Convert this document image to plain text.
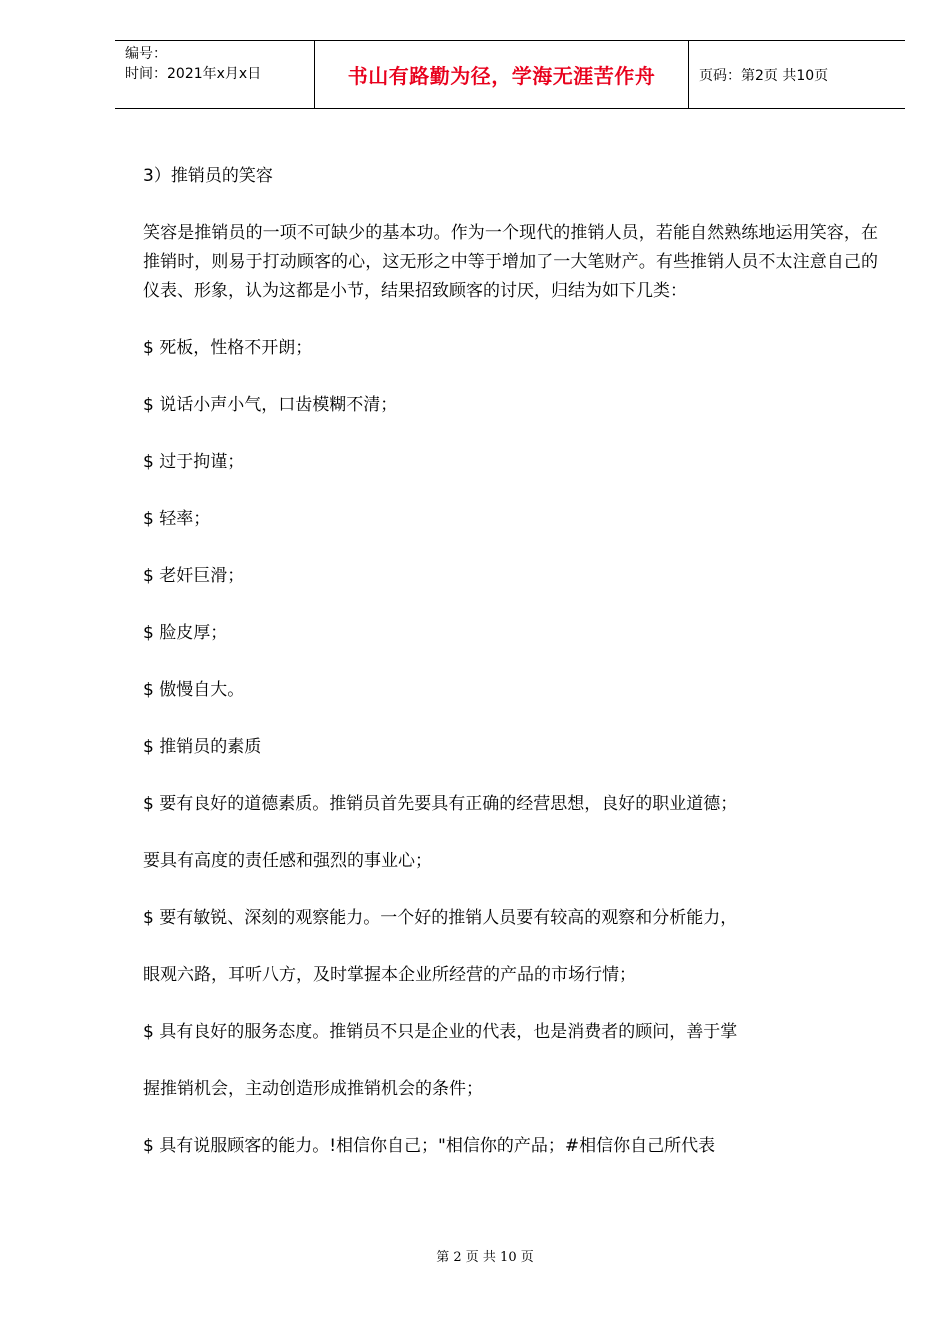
编号：
时间：2021年x月x日	书山有路勤为径，学海无涯苦作舟	页码：第2页 共10页

3）推销员的笑容

笑容是推销员的一项不可缺少的基本功。作为一个现代的推销人员，若能自然熟练地运用笑容，在推销时，则易于打动顾客的心，这无形之中等于增加了一大笔财产。有些推销人员不太注意自己的仪表、形象，认为这都是小节，结果招致顾客的讨厌，归结为如下几类：

$ 死板，性格不开朗；

$ 说话小声小气，口齿模糊不清；

$ 过于拘谨；

$ 轻率；

$ 老奸巨滑；

$ 脸皮厚；

$ 傲慢自大。

$ 推销员的素质

$ 要有良好的道德素质。推销员首先要具有正确的经营思想，良好的职业道德；

要具有高度的责任感和强烈的事业心；

$ 要有敏锐、深刻的观察能力。一个好的推销人员要有较高的观察和分析能力，

眼观六路，耳听八方，及时掌握本企业所经营的产品的市场行情；

$ 具有良好的服务态度。推销员不只是企业的代表，也是消费者的顾问，善于掌

握推销机会，主动创造形成推销机会的条件；

$ 具有说服顾客的能力。!相信你自己；"相信你的产品；#相信你自己所代表

第 2 页 共 10 页
